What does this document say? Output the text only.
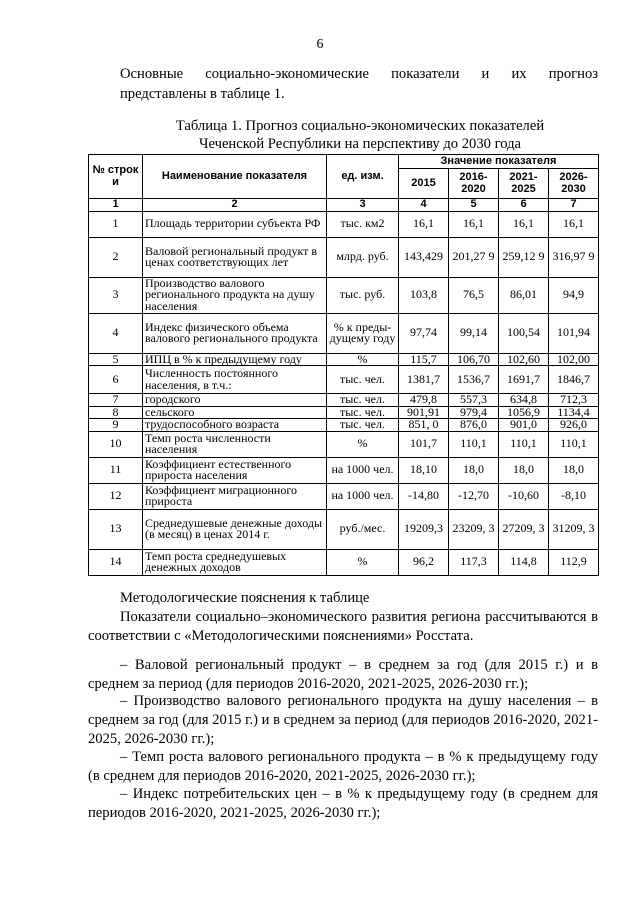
6
Основные социально-экономические показатели и их прогноз
представлены в таблице 1.
Таблица 1. Прогноз социально-экономических показателей
Чеченской Республики на перспективу до 2030 года
№ строк и	Наименование показателя	ед. изм.	Значение показателя			
			2015	2016-2020	2021-2025	2026-2030
1	2	3	4	5	6	7
1	Площадь территории субъекта РФ	тыс. км2	16,1	16,1	16,1	16,1
2	Валовой региональный продукт в ценах соответствующих лет	млрд. руб.	143,429	201,27 9	259,12 9	316,97 9
3	Производство валового регионального продукта на душу населения	тыс. руб.	103,8	76,5	86,01	94,9
4	Индекс физического объема валового регионального продукта	% к преды-дущему году	97,74	99,14	100,54	101,94
5	ИПЦ в % к предыдущему году	%	115,7	106,70	102,60	102,00
6	Численность постоянного населения, в т.ч.:	тыс. чел.	1381,7	1536,7	1691,7	1846,7
7	городского	тыс. чел.	479,8	557,3	634,8	712,3
8	сельского	тыс. чел.	901,91	979,4	1056,9	1134,4
9	трудоспособного возраста	тыс. чел.	851, 0	876,0	901,0	926,0
10	Темп роста численности населения	%	101,7	110,1	110,1	110,1
11	Коэффициент естественного прироста населения	на 1000 чел.	18,10	18,0	18,0	18,0
12	Коэффициент миграционного прироста	на 1000 чел.	-14,80	-12,70	-10,60	-8,10
13	Среднедушевые денежные доходы (в месяц) в ценах 2014 г.	руб./мес.	19209,3	23209, 3	27209, 3	31209, 3
14	Темп роста среднедушевых денежных доходов	%	96,2	117,3	114,8	112,9
Методологические пояснения к таблице
Показатели социально–экономического развития региона рассчитываются в соответствии с «Методологическими пояснениями» Росстата.
– Валовой региональный продукт – в среднем за год (для 2015 г.) и в среднем за период (для периодов 2016-2020, 2021-2025, 2026-2030 гг.);
– Производство валового регионального продукта на душу населения – в среднем за год (для 2015 г.) и в среднем за период (для периодов 2016-2020, 2021-2025, 2026-2030 гг.);
– Темп роста валового регионального продукта – в % к предыдущему году (в среднем для периодов 2016-2020, 2021-2025, 2026-2030 гг.);
– Индекс потребительских цен – в % к предыдущему году (в среднем для периодов 2016-2020, 2021-2025, 2026-2030 гг.);
